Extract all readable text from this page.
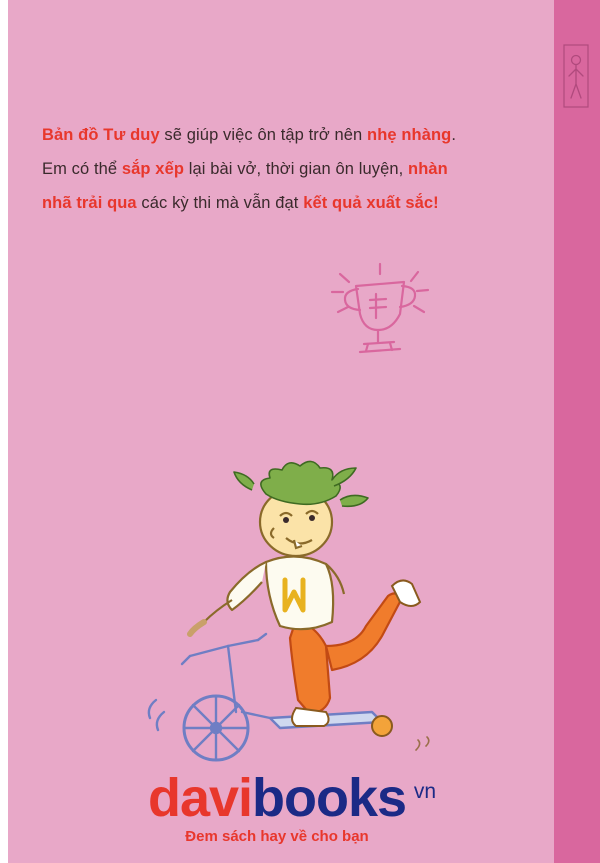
Bản đồ Tư duy sẽ giúp việc ôn tập trở nên nhẹ nhàng. Em có thể sắp xếp lại bài vở, thời gian ôn luyện, nhàn nhã trải qua các kỳ thi mà vẫn đạt kết quả xuất sắc!
davibooks vn
Đem sách hay về cho bạn
